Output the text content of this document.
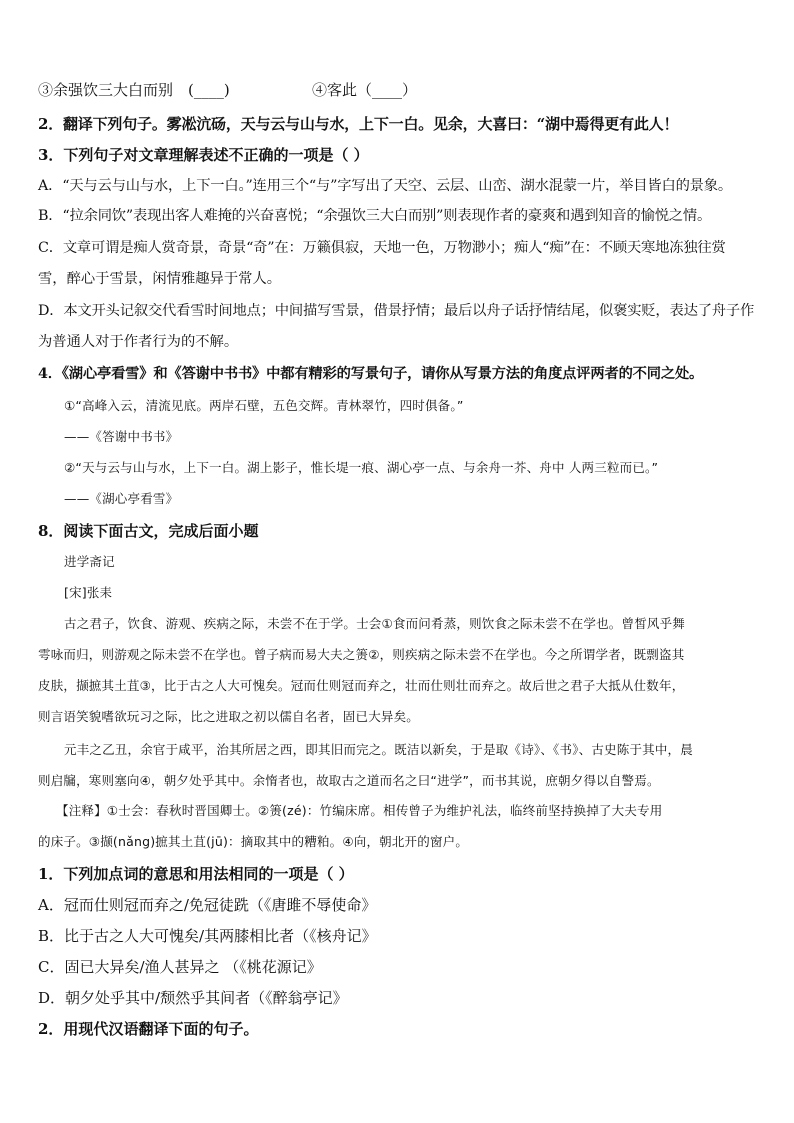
③余强饮三大白而别　(____)	④客此（____）
2．翻译下列句子。雾凇沆砀，天与云与山与水，上下一白。见余，大喜曰：“湖中焉得更有此人！
3．下列句子对文章理解表述不正确的一项是（ ）
A．“天与云与山与水，上下一白。”连用三个“与”字写出了天空、云层、山峦、湖水混蒙一片，举目皆白的景象。
B．“拉余同饮”表现出客人难掩的兴奋喜悦；“余强饮三大白而别”则表现作者的豪爽和遇到知音的愉悦之情。
C．文章可谓是痴人赏奇景，奇景“奇”在：万籁俱寂，天地一色，万物渺小；痴人“痴”在：不顾天寒地冻独往赏
雪，醉心于雪景，闲情雅趣异于常人。
D．本文开头记叙交代看雪时间地点；中间描写雪景，借景抒情；最后以舟子话抒情结尾，似褒实贬，表达了舟子作
为普通人对于作者行为的不解。
4．《湖心亭看雪》和《答谢中书书》中都有精彩的写景句子，请你从写景方法的角度点评两者的不同之处。
①“高峰入云，清流见底。两岸石壁，五色交辉。青林翠竹，四时俱备。”
——《答谢中书书》
②“天与云与山与水，上下一白。湖上影子，惟长堤一痕、湖心亭一点、与余舟一芥、舟中 人两三粒而已。”
——《湖心亭看雪》
8．阅读下面古文，完成后面小题
进学斋记
[宋]张耒
古之君子，饮食、游观、疾病之际，未尝不在于学。士会①食而问肴蒸，则饮食之际未尝不在学也。曾皙风乎舞
雩咏而归，则游观之际未尝不在学也。曾子病而易大夫之箦②，则疾病之际未尝不在学也。今之所谓学者，既剽盗其
皮肤，撷摭其土苴③，比于古之人大可愧矣。冠而仕则冠而弃之，壮而仕则壮而弃之。故后世之君子大抵从仕数年，
则言语笑貌嗜欲玩习之际，比之进取之初以儒自名者，固已大异矣。
元丰之乙丑，余官于咸平，治其所居之西，即其旧而完之。既洁以新矣，于是取《诗》、《书》、古史陈于其中，晨
则启牖，寒则塞向④，朝夕处乎其中。余惰者也，故取古之道而名之曰“进学”，而书其说，庶朝夕得以自警焉。
【注释】①士会：春秋时晋国卿士。②箦(zé)：竹编床席。相传曾子为维护礼法，临终前坚持换掉了大夫专用
的床子。③撷(nǎng)摭其土苴(jū)：摘取其中的糟粕。④向，朝北开的窗户。
1．下列加点词的意思和用法相同的一项是（ ）
A．冠而仕则冠而弃之/免冠徒跣（《唐雎不辱使命》
B．比于古之人大可愧矣/其两膝相比者（《核舟记》
C．固已大异矣/渔人甚异之 （《桃花源记》
D．朝夕处乎其中/颓然乎其间者（《醉翁亭记》
2．用现代汉语翻译下面的句子。
